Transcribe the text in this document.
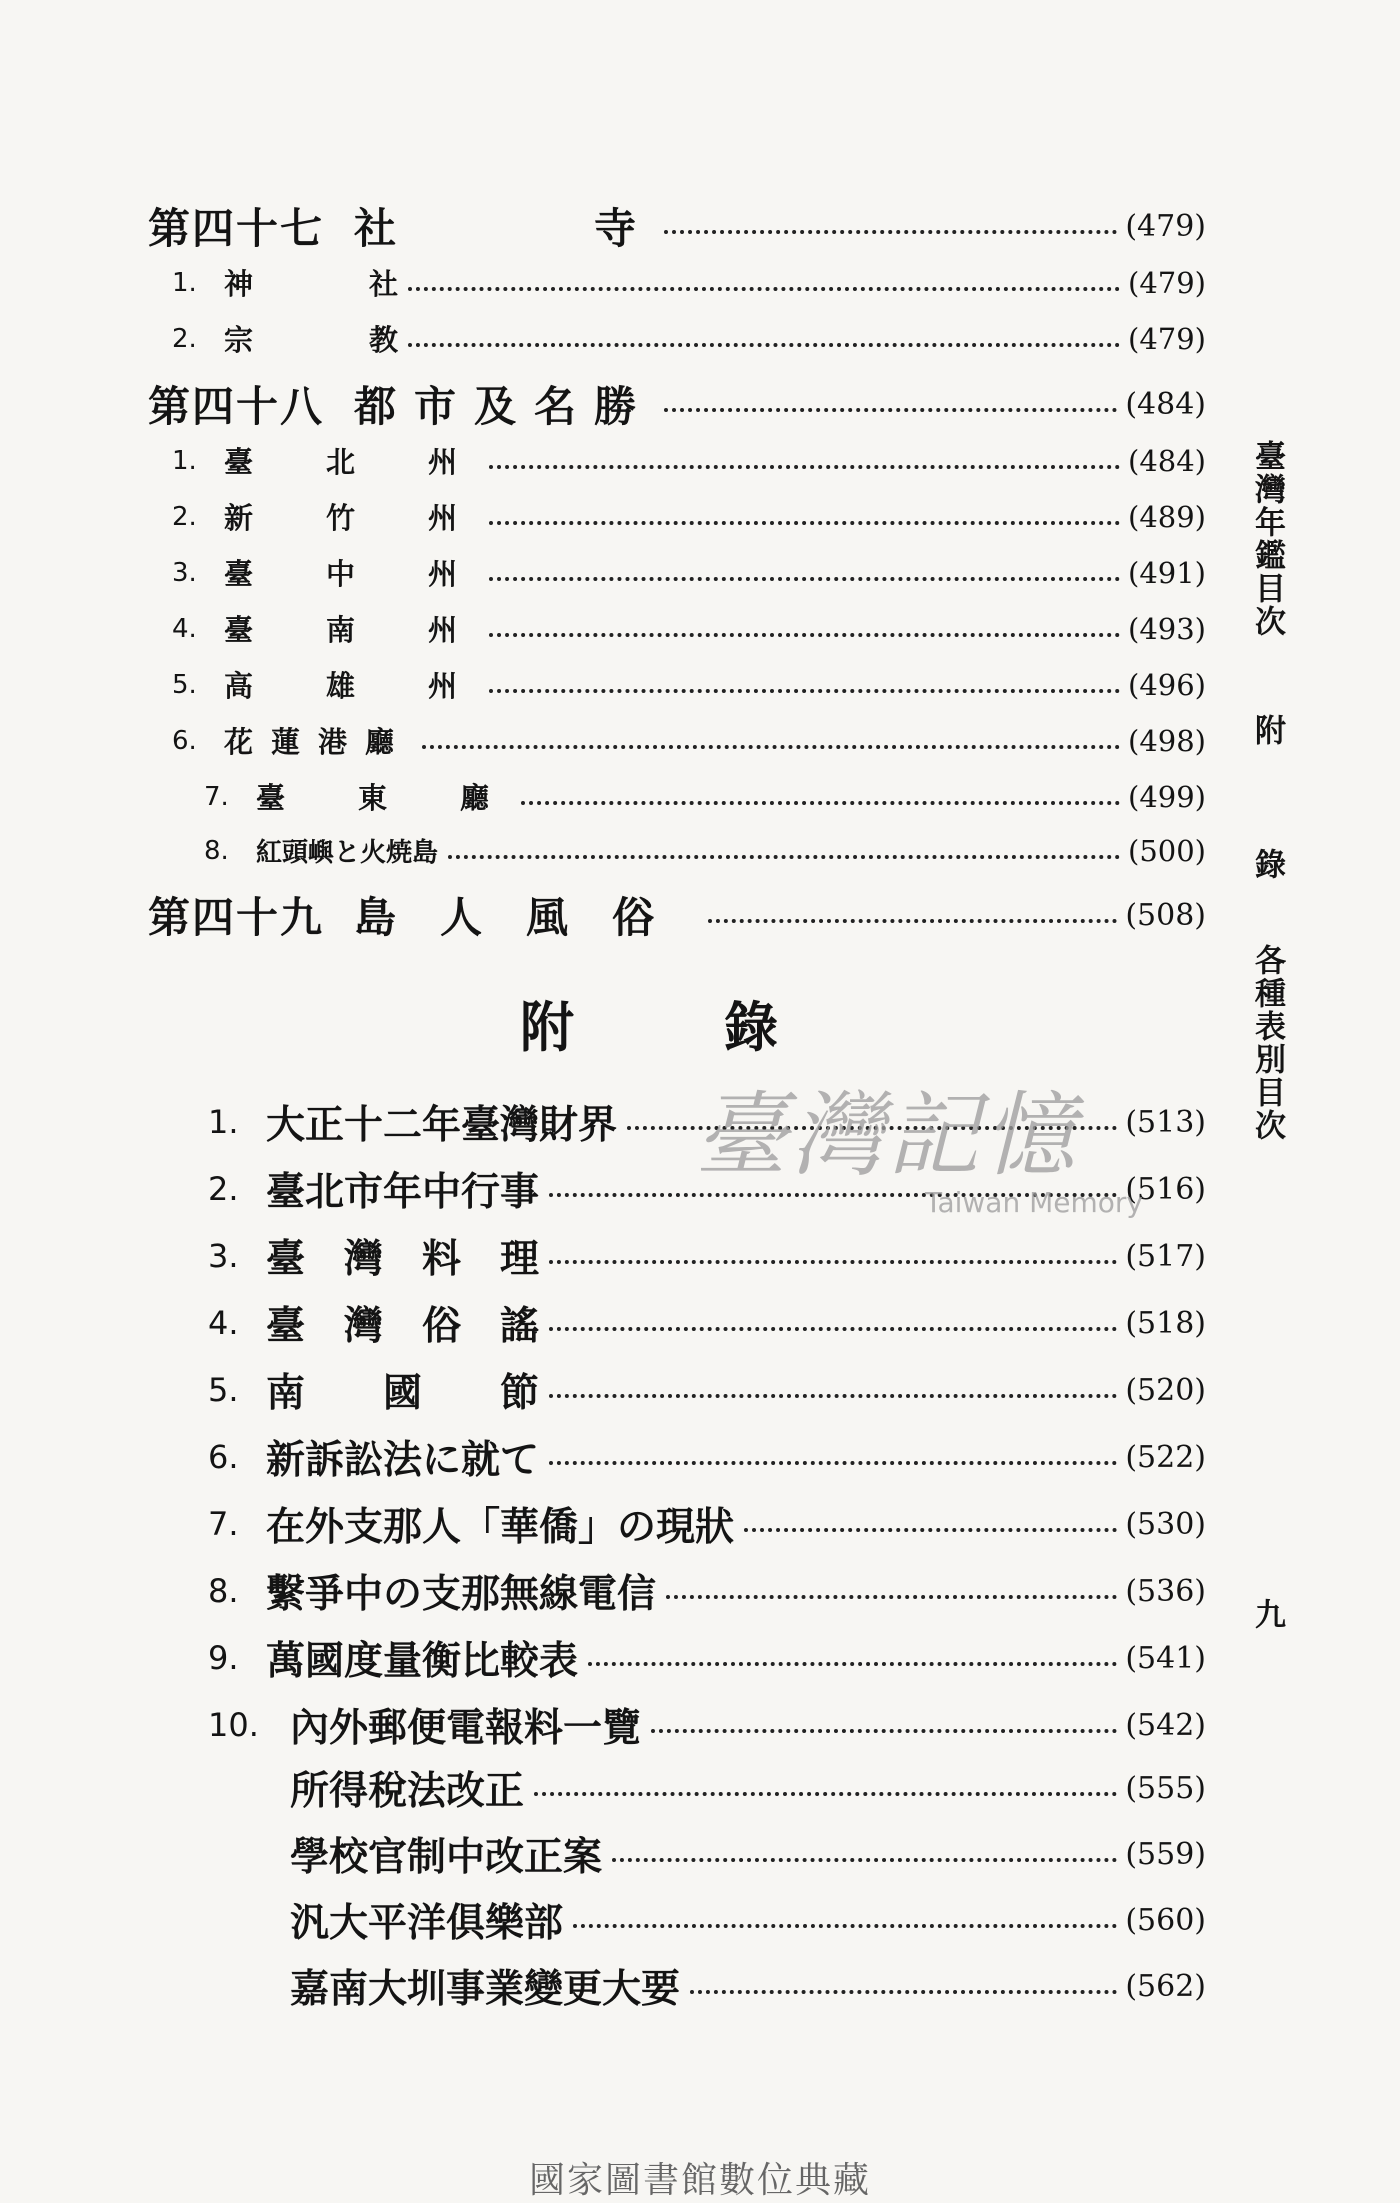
第四十七 社　　　寺	(479)
1. 神　　　　社	(479)
2. 宗　　　　教	(479)
第四十八 都市及名勝	(484)
1. 臺　北　州	(484)
2. 新　竹　州	(489)
3. 臺　中　州	(491)
4. 臺　南　州	(493)
5. 高　雄　州	(496)
6. 花蓮港廳	(498)
7. 臺　東　廳	(499)
8.	紅頭嶼と火焼島	(500)
第四十九 島人風俗	(508)
附錄
1. 大正十二年臺灣財界	(513)
2. 臺北市年中行事	(516)
3. 臺　灣　料　理	(517)
4. 臺　灣　俗　謠	(518)
5. 南　　國　　節	(520)
6. 新訴訟法に就て	(522)
7. 在外支那人「華僑」の現狀	(530)
8. 繫爭中の支那無線電信	(536)
9. 萬國度量衡比較表	(541)
10. 內外郵便電報料一覽	(542)
所得稅法改正	(555)
學校官制中改正案	(559)
汎大平洋俱樂部	(560)
嘉南大圳事業變更大要	(562)
臺灣年鑑目次
附
錄
各種表別目次
九
臺灣記憶
Taiwan Memory
國家圖書館數位典藏
